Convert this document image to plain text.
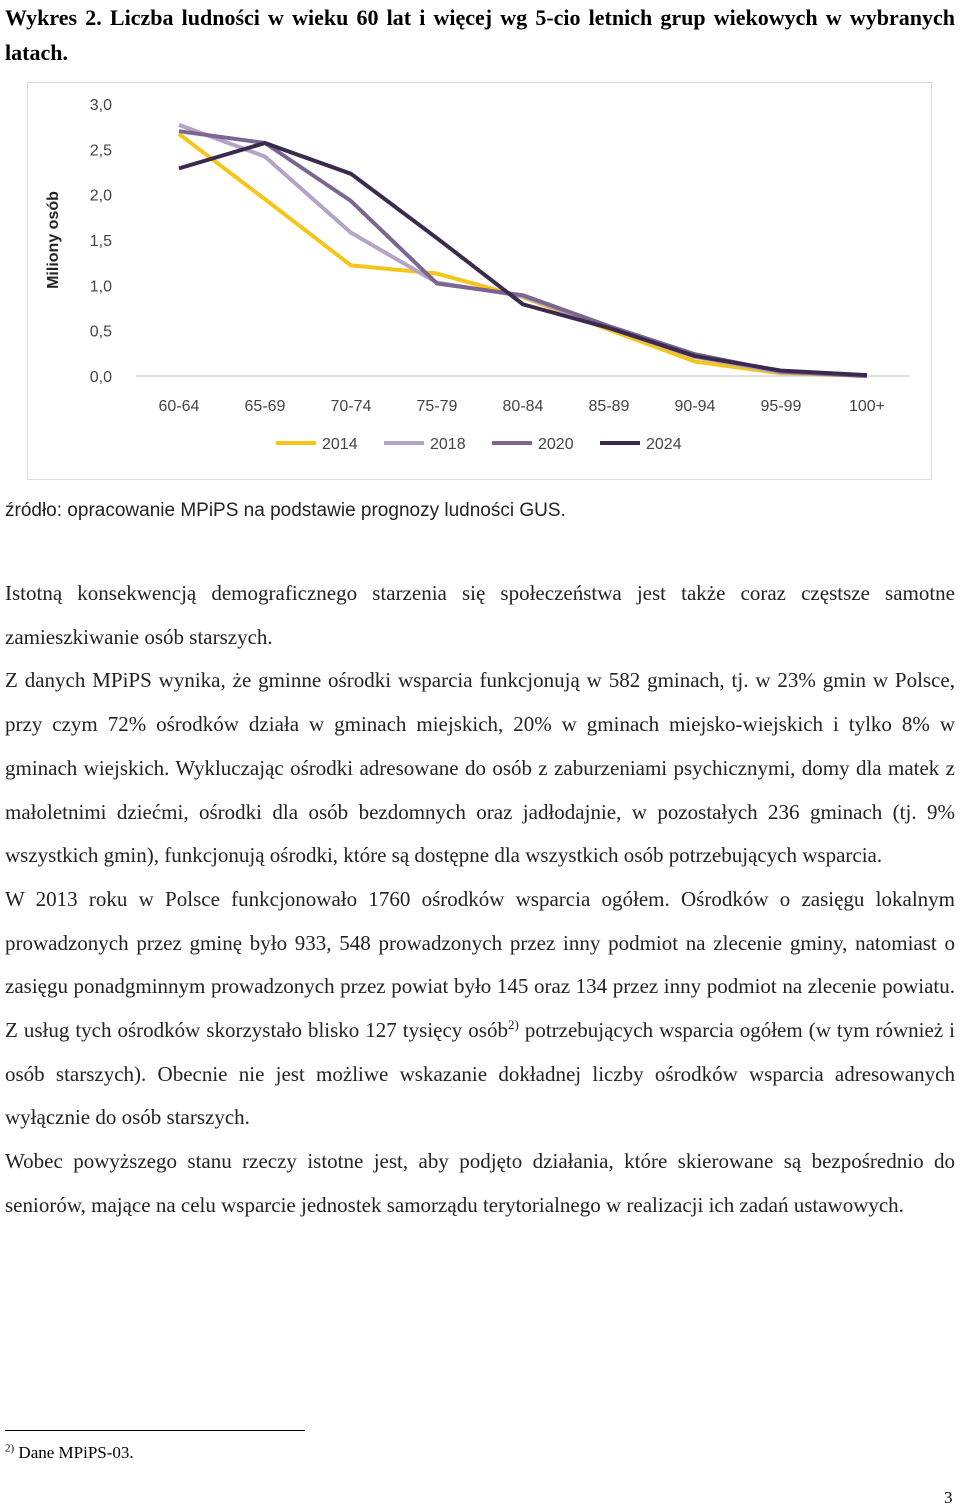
Wykres 2. Liczba ludności w wieku 60 lat i więcej wg 5-cio letnich grup wiekowych w wybranych latach.
Miliony osób
0,0
0,5
1,0
1,5
2,0
2,5
3,0
60-64	65-69	70-74	75-79	80-84	85-89	90-94	95-99	100+
2014	2018	2020	2024
źródło: opracowanie MPiPS na podstawie prognozy ludności GUS.

Istotną konsekwencją demograficznego starzenia się społeczeństwa jest także coraz częstsze samotne zamieszkiwanie osób starszych.

Z danych MPiPS wynika, że gminne ośrodki wsparcia funkcjonują w 582 gminach, tj. w 23% gmin w Polsce, przy czym 72% ośrodków działa w gminach miejskich, 20% w gminach miejsko-wiejskich i tylko 8% w gminach wiejskich. Wykluczając ośrodki adresowane do osób z zaburzeniami psychicznymi, domy dla matek z małoletnimi dziećmi, ośrodki dla osób bezdomnych oraz jadłodajnie, w pozostałych 236 gminach (tj. 9% wszystkich gmin), funkcjonują ośrodki, które są dostępne dla wszystkich osób potrzebujących wsparcia.

W 2013 roku w Polsce funkcjonowało 1760 ośrodków wsparcia ogółem. Ośrodków o zasięgu lokalnym prowadzonych przez gminę było 933, 548 prowadzonych przez inny podmiot na zlecenie gminy, natomiast o zasięgu ponadgminnym prowadzonych przez powiat było 145 oraz 134 przez inny podmiot na zlecenie powiatu. Z usług tych ośrodków skorzystało blisko 127 tysięcy osób$^{2)}$ potrzebujących wsparcia ogółem (w tym również i osób starszych). Obecnie nie jest możliwe wskazanie dokładnej liczby ośrodków wsparcia adresowanych wyłącznie do osób starszych.

Wobec powyższego stanu rzeczy istotne jest, aby podjęto działania, które skierowane są bezpośrednio do seniorów, mające na celu wsparcie jednostek samorządu terytorialnego w realizacji ich zadań ustawowych.

$^{2)}$ Dane MPiPS-03.
3
